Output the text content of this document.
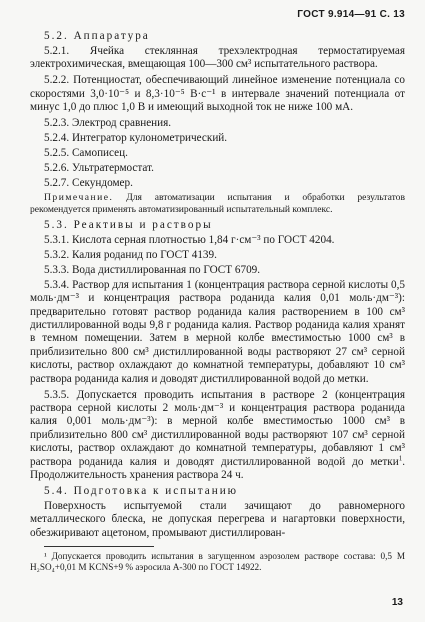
ГОСТ 9.914—91 С. 13

5.2. Аппаратура

5.2.1. Ячейка стеклянная трехэлектродная термостатируемая электрохимическая, вмещающая 100—300 см³ испытательного раствора.

5.2.2. Потенциостат, обеспечивающий линейное изменение потенциала со скоростями 3,0·10⁻⁵ и 8,3·10⁻⁵ В·с⁻¹ в интервале значений потенциала от минус 1,0 до плюс 1,0 В и имеющий выходной ток не ниже 100 мА.

5.2.3. Электрод сравнения.

5.2.4. Интегратор кулонометрический.

5.2.5. Самописец.

5.2.6. Ультратермостат.

5.2.7. Секундомер.

Примечание. Для автоматизации испытания и обработки результатов рекомендуется применять автоматизированный испытательный комплекс.

5.3. Реактивы и растворы

5.3.1. Кислота серная плотностью 1,84 г·см⁻³ по ГОСТ 4204.

5.3.2. Калия роданид по ГОСТ 4139.

5.3.3. Вода дистиллированная по ГОСТ 6709.

5.3.4. Раствор для испытания 1 (концентрация раствора серной кислоты 0,5 моль·дм⁻³ и концентрация раствора роданида калия 0,01 моль·дм⁻³): предварительно готовят раствор роданида калия растворением в 100 см³ дистиллированной воды 9,8 г роданида калия. Раствор роданида калия хранят в темном помещении. Затем в мерной колбе вместимостью 1000 см³ в приблизительно 800 см³ дистиллированной воды растворяют 27 см³ серной кислоты, раствор охлаждают до комнатной температуры, добавляют 10 см³ раствора роданида калия и доводят дистиллированной водой до метки.

5.3.5. Допускается проводить испытания в растворе 2 (концентрация раствора серной кислоты 2 моль·дм⁻³ и концентрация раствора роданида калия 0,001 моль·дм⁻³): в мерной колбе вместимостью 1000 см³ в приблизительно 800 см³ дистиллированной воды растворяют 107 см³ серной кислоты, раствор охлаждают до комнатной температуры, добавляют 1 см³ раствора роданида калия и доводят дистиллированной водой до метки$^1$. Продолжительность хранения раствора 24 ч.

5.4. Подготовка к испытанию

Поверхность испытуемой стали зачищают до равномерного металлического блеска, не допуская перегрева и нагартовки поверхности, обезжиривают ацетоном, промывают дистиллирован-

¹ Допускается проводить испытания в загущенном аэрозолем растворе состава: 0,5 М H₂SO₄+0,01 М KCNS+9 % аэросила А-300 по ГОСТ 14922.

13
